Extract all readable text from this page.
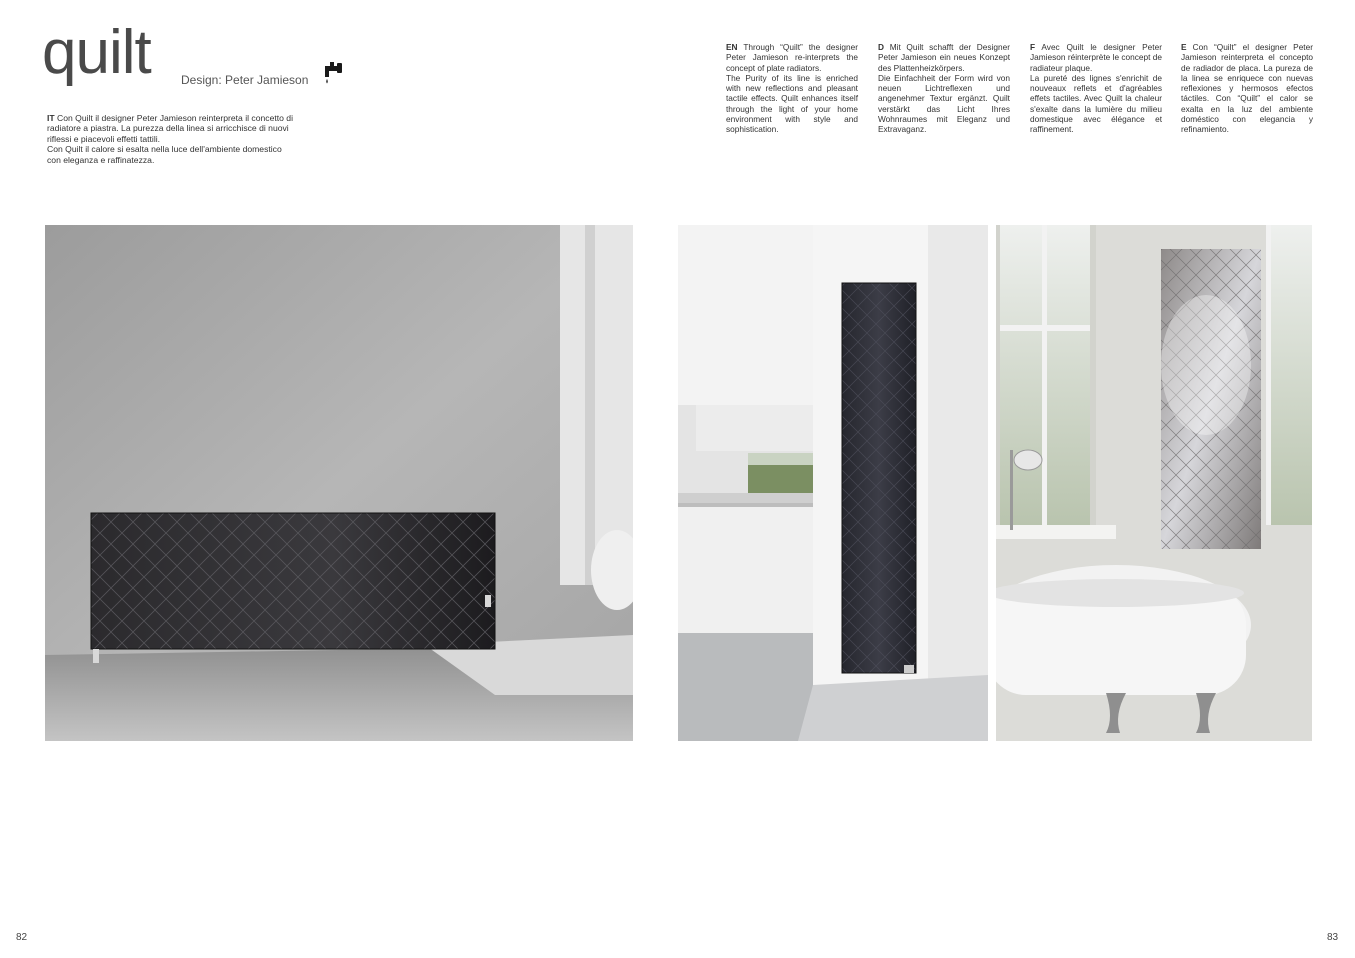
quilt	Design: Peter Jamieson
IT Con Quilt il designer Peter Jamieson reinterpreta il concetto di radiatore a piastra. La purezza della linea si arricchisce di nuovi riflessi e piacevoli effetti tattili.
Con Quilt il calore si esalta nella luce dell'ambiente domestico con eleganza e raffinatezza.

EN Through “Quilt” the designer Peter Jamieson re-interprets the concept of plate radiators.

The Purity of its line is enriched with new reflections and pleasant tactile effects. Quilt enhances itself through the light of your home environment with style and sophistication.

D Mit Quilt schafft der Designer Peter Jamieson ein neues Konzept des Plattenheizkörpers.

Die Einfachheit der Form wird von neuen Lichtreflexen und angenehmer Textur ergänzt. Quilt verstärkt das Licht Ihres Wohnraumes mit Eleganz und Extravaganz.

F Avec Quilt le designer Peter Jamieson réinterprète le concept de radiateur plaque.

La pureté des lignes s'enrichit de nouveaux reflets et d'agréables effets tactiles. Avec Quilt la chaleur s'exalte dans la lumière du milieu domestique avec élégance et raffinement.

E Con “Quilt” el designer Peter Jamieson reinterpreta el concepto de radiador de placa. La pureza de la linea se enriquece con nuevas reflexiones y hermosos efectos táctiles. Con “Quilt” el calor se exalta en la luz del ambiente doméstico con elegancia y refinamiento.

82	83
